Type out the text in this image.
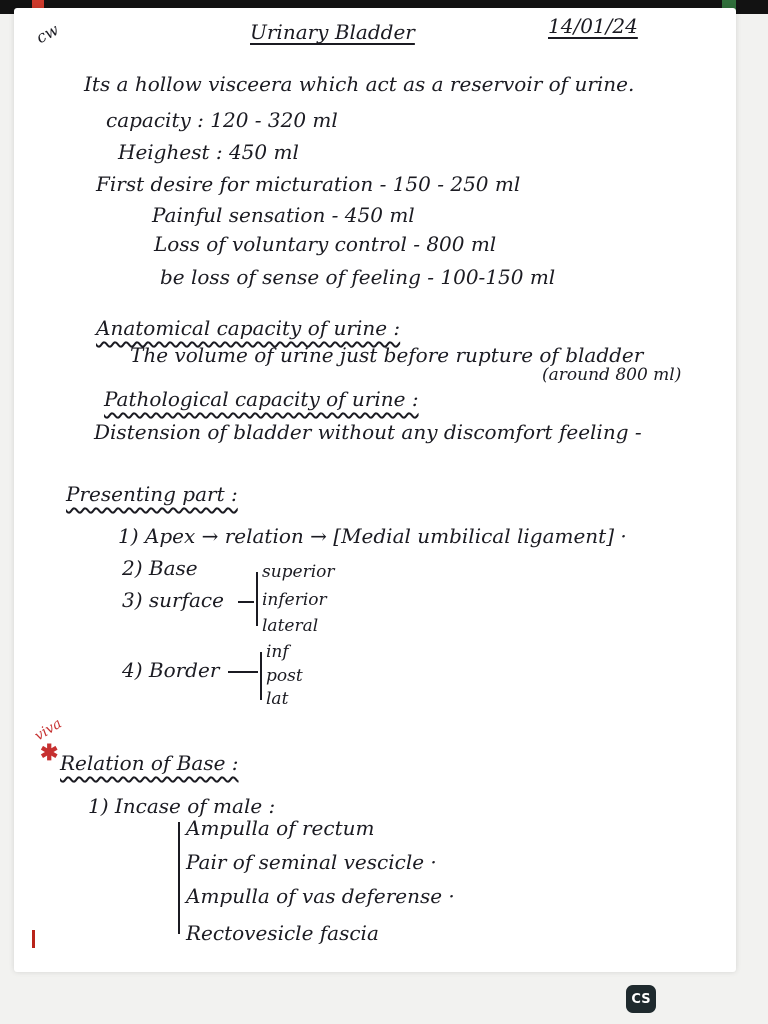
cw	Urinary Bladder	14/01/24
Its a hollow visceera which act as a reservoir of urine.
capacity : 120 - 320 ml
Heighest : 450 ml
First desire for micturation - 150 - 250 ml
Painful sensation - 450 ml
Loss of voluntary control - 800 ml
be loss of sense of feeling - 100-150 ml
Anatomical capacity of urine :
The volume of urine just before rupture of bladder
(around 800 ml)
Pathological capacity of urine :
Distension of bladder without any discomfort feeling -
Presenting part :
1) Apex → relation → [Medial umbilical ligament] ·
2) Base
3) surface
superior
inferior
lateral
4) Border
inf
post
lat
viva
✱ Relation of Base :
1) Incase of male :
Ampulla of rectum
Pair of seminal vescicle ·
Ampulla of vas deferense ·
Rectovesicle fascia
CS
